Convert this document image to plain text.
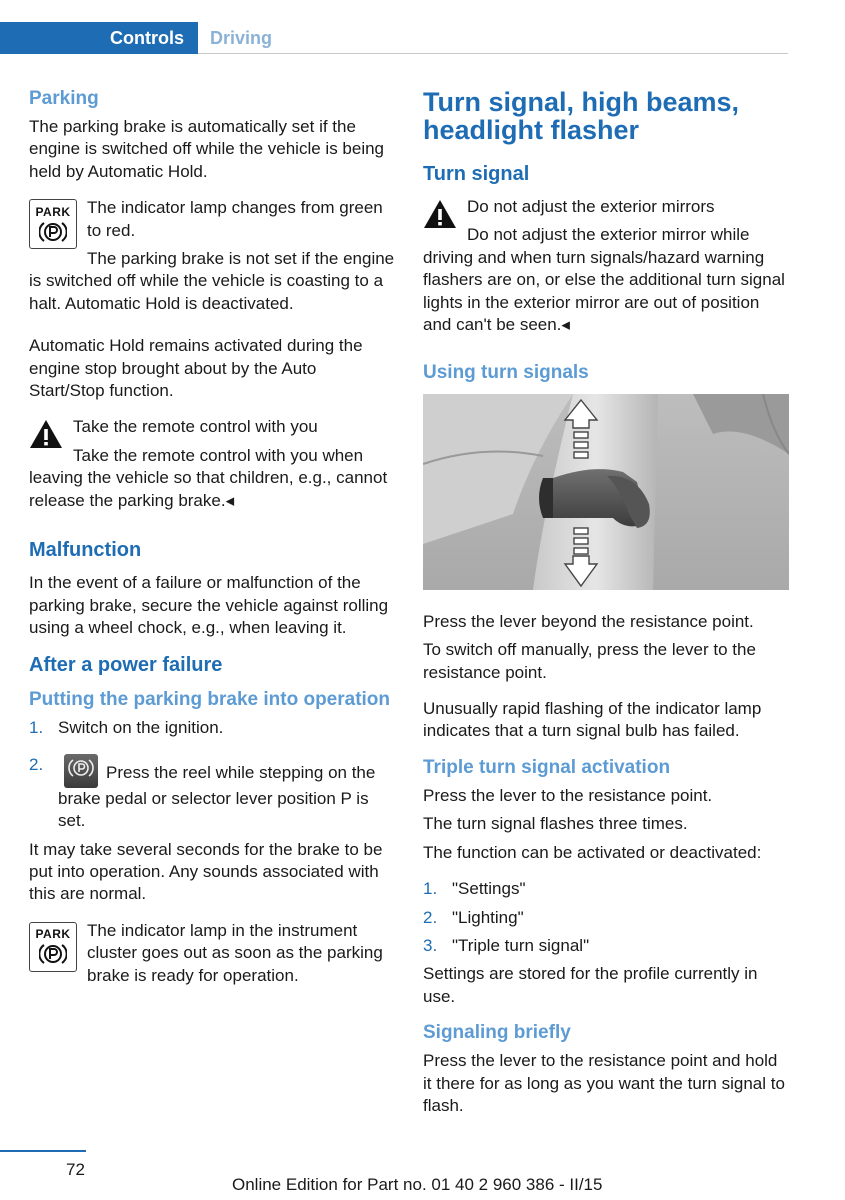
Controls	Driving
Parking

The parking brake is automatically set if the engine is switched off while the vehicle is being held by Automatic Hold.

PARK The indicator lamp changes from green to red.

The parking brake is not set if the engine is switched off while the vehicle is coasting to a halt. Automatic Hold is deactivated.

Automatic Hold remains activated during the engine stop brought about by the Auto Start/Stop function.

Take the remote control with you

Take the remote control with you when leaving the vehicle so that children, e.g., cannot release the parking brake.◂

Malfunction

In the event of a failure or malfunction of the parking brake, secure the vehicle against rolling using a wheel chock, e.g., when leaving it.

After a power failure
Putting the parking brake into operation
1. Switch on the ignition.
2.	Press the reel while stepping on the brake pedal or selector lever position P is set.

It may take several seconds for the brake to be put into operation. Any sounds associated with this are normal.

PARK The indicator lamp in the instrument cluster goes out as soon as the parking brake is ready for operation.

Turn signal, high beams, headlight flasher
Turn signal

Do not adjust the exterior mirrors

Do not adjust the exterior mirror while driving and when turn signals/hazard warning flashers are on, or else the additional turn signal lights in the exterior mirror are out of position and can't be seen.◂

Using turn signals

Press the lever beyond the resistance point.

To switch off manually, press the lever to the resistance point.

Unusually rapid flashing of the indicator lamp indicates that a turn signal bulb has failed.

Triple turn signal activation

Press the lever to the resistance point.

The turn signal flashes three times.

The function can be activated or deactivated:

1. "Settings"
2. "Lighting"
3. "Triple turn signal"

Settings are stored for the profile currently in use.

Signaling briefly

Press the lever to the resistance point and hold it there for as long as you want the turn signal to flash.

72
Online Edition for Part no. 01 40 2 960 386 - II/15
